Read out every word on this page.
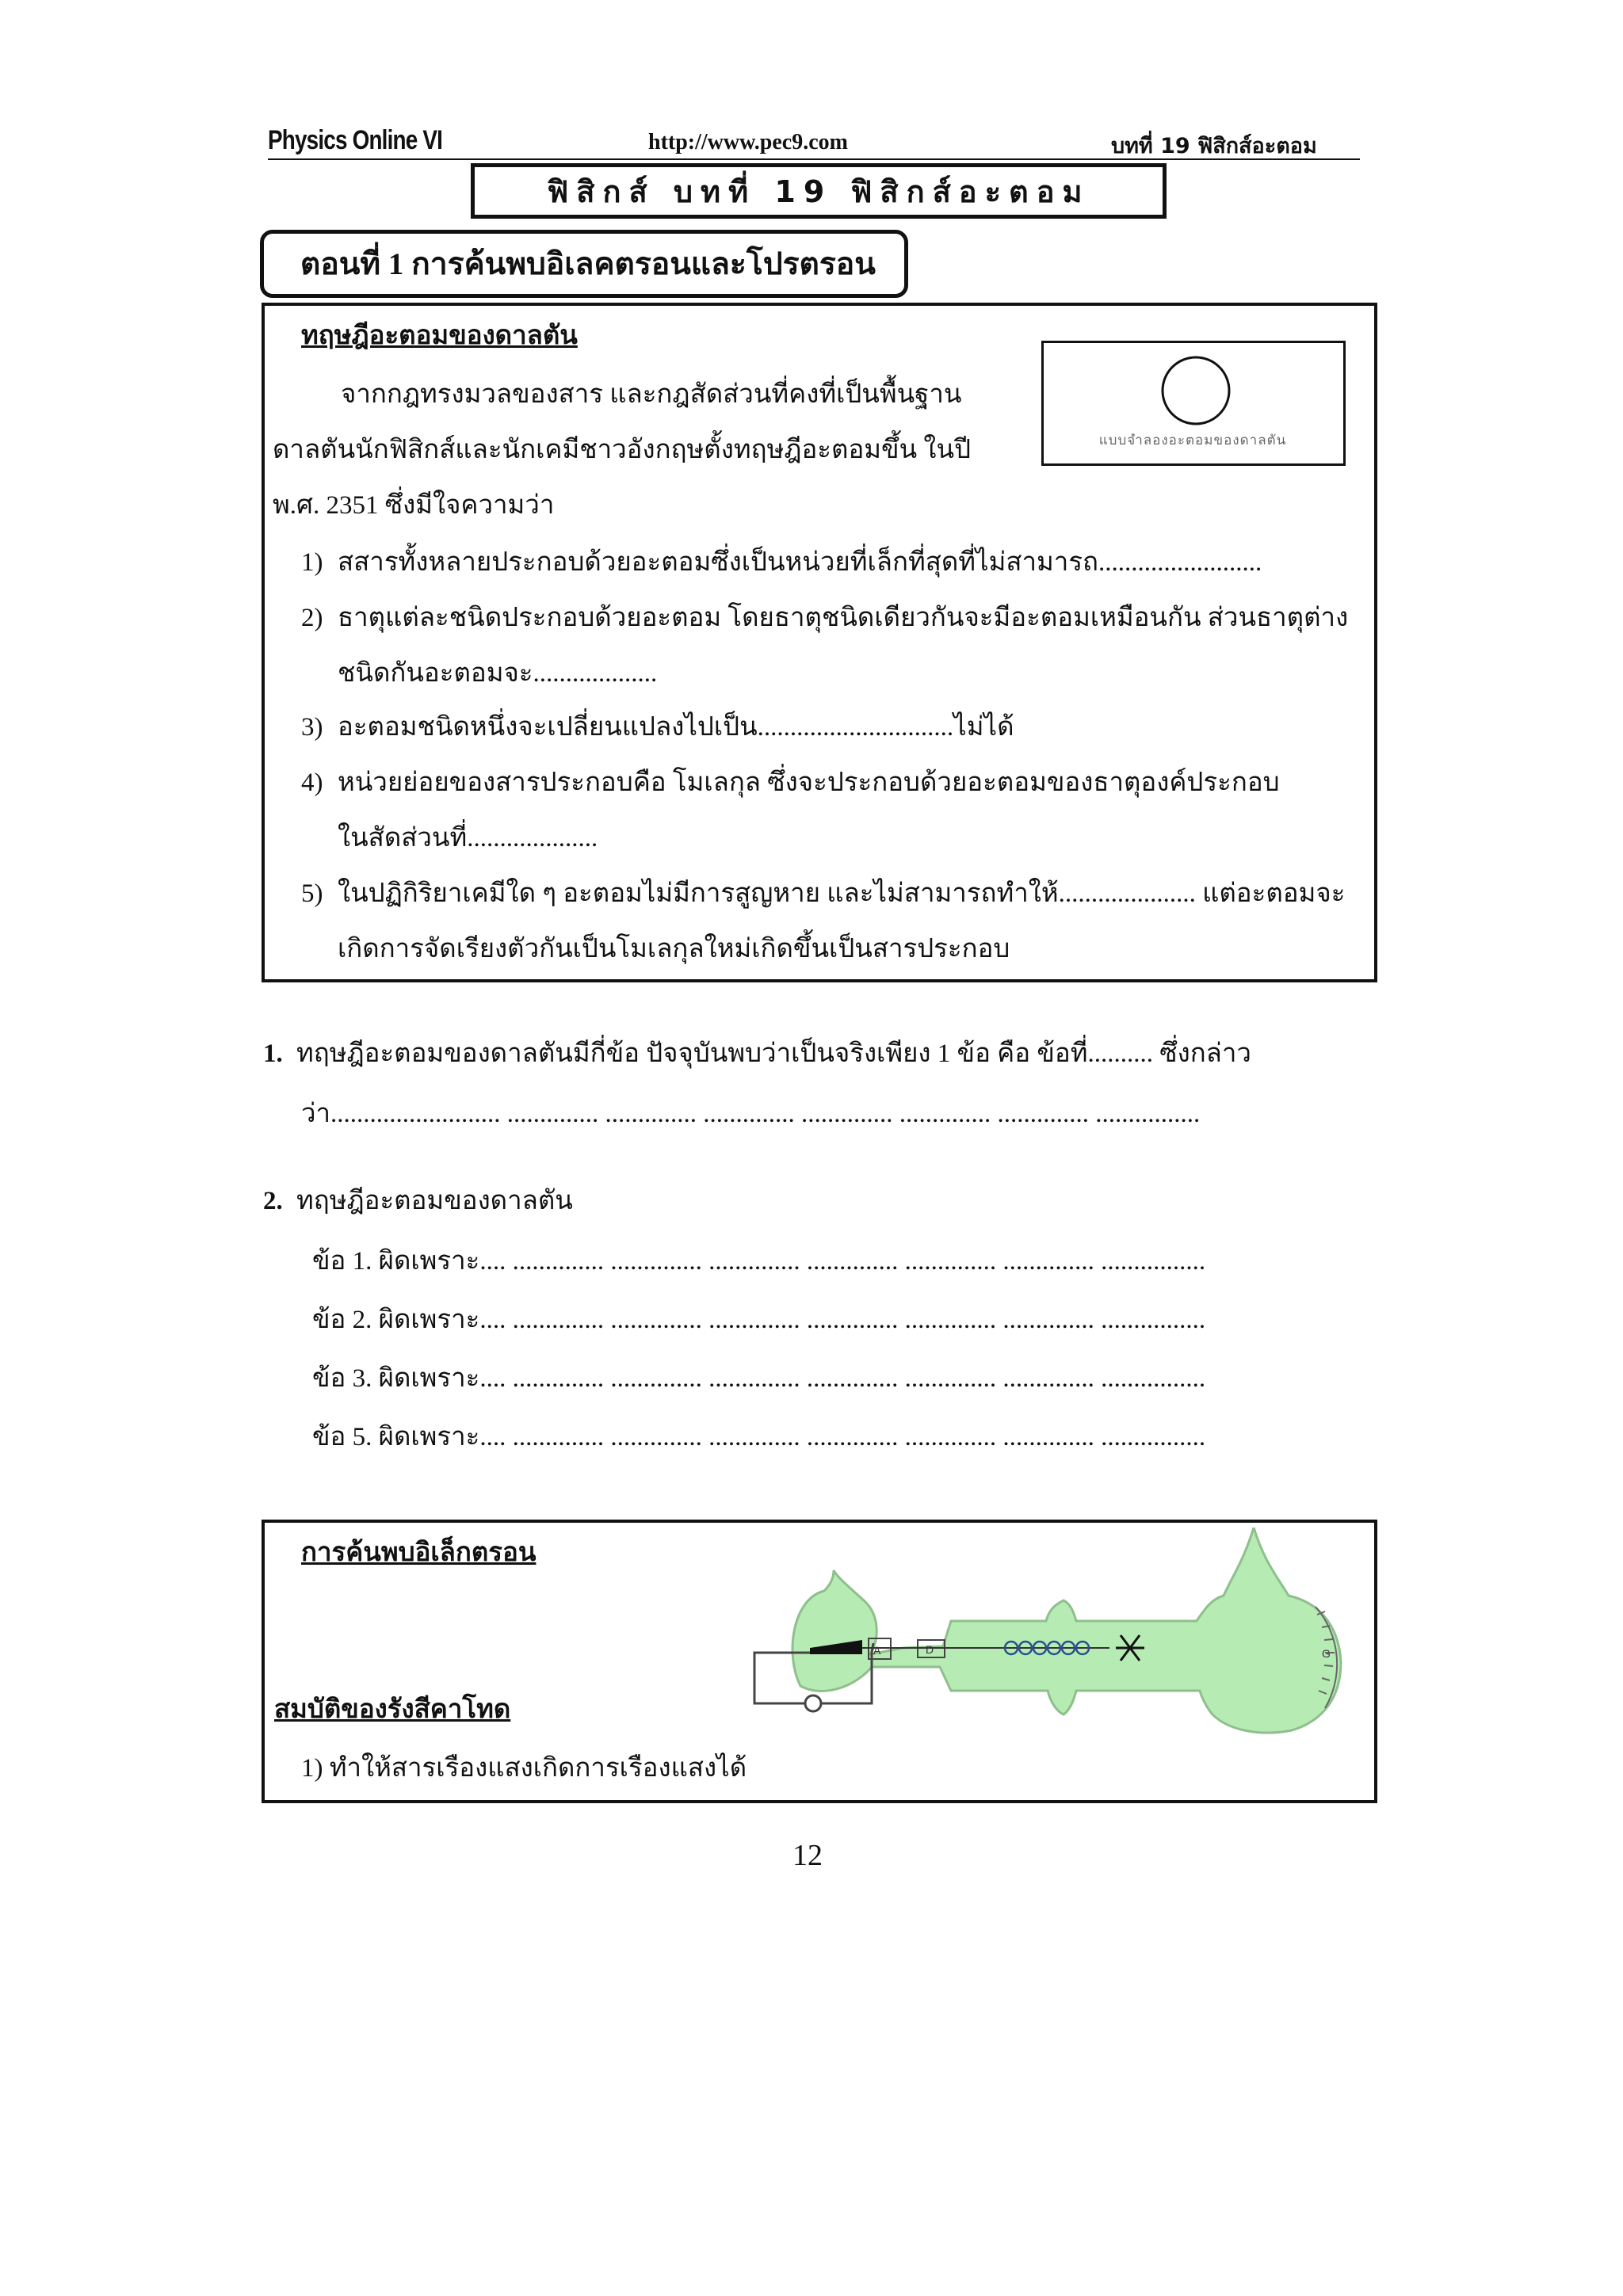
Physics Online VI	http://www.pec9.com	บทที่ 19 ฟิสิกส์อะตอม
ฟิสิกส์ บทที่ 19 ฟิสิกส์อะตอม
ตอนที่ 1 การค้นพบอิเลคตรอนและโปรตรอน
ทฤษฎีอะตอมของดาลตัน
แบบจำลองอะตอมของดาลตัน
จากกฎทรงมวลของสาร และกฎสัดส่วนที่คงที่เป็นพื้นฐาน
ดาลตันนักฟิสิกส์และนักเคมีชาวอังกฤษตั้งทฤษฎีอะตอมขึ้น ในปี
พ.ศ. 2351 ซึ่งมีใจความว่า
1) สสารทั้งหลายประกอบด้วยอะตอมซึ่งเป็นหน่วยที่เล็กที่สุดที่ไม่สามารถ.........................
2) ธาตุแต่ละชนิดประกอบด้วยอะตอม โดยธาตุชนิดเดียวกันจะมีอะตอมเหมือนกัน ส่วนธาตุต่าง
ชนิดกันอะตอมจะ...................
3) อะตอมชนิดหนึ่งจะเปลี่ยนแปลงไปเป็น..............................ไม่ได้
4) หน่วยย่อยของสารประกอบคือ โมเลกุล ซึ่งจะประกอบด้วยอะตอมของธาตุองค์ประกอบ
ในสัดส่วนที่....................
5) ในปฏิกิริยาเคมีใด ๆ อะตอมไม่มีการสูญหาย และไม่สามารถทำให้..................... แต่อะตอมจะ
เกิดการจัดเรียงตัวกันเป็นโมเลกุลใหม่เกิดขึ้นเป็นสารประกอบ
1. ทฤษฎีอะตอมของดาลตันมีกี่ข้อ ปัจจุบันพบว่าเป็นจริงเพียง 1 ข้อ คือ ข้อที่.......... ซึ่งกล่าว
ว่า.......................... .............. .............. .............. .............. .............. .............. ................
2. ทฤษฎีอะตอมของดาลตัน
ข้อ 1. ผิดเพราะ.... .............. .............. .............. .............. .............. .............. ................
ข้อ 2. ผิดเพราะ.... .............. .............. .............. .............. .............. .............. ................
ข้อ 3. ผิดเพราะ.... .............. .............. .............. .............. .............. .............. ................
ข้อ 5. ผิดเพราะ.... .............. .............. .............. .............. .............. .............. ................
การค้นพบอิเล็กตรอน
สมบัติของรังสีคาโทด
1) ทำให้สารเรืองแสงเกิดการเรืองแสงได้
A	D	G
12
